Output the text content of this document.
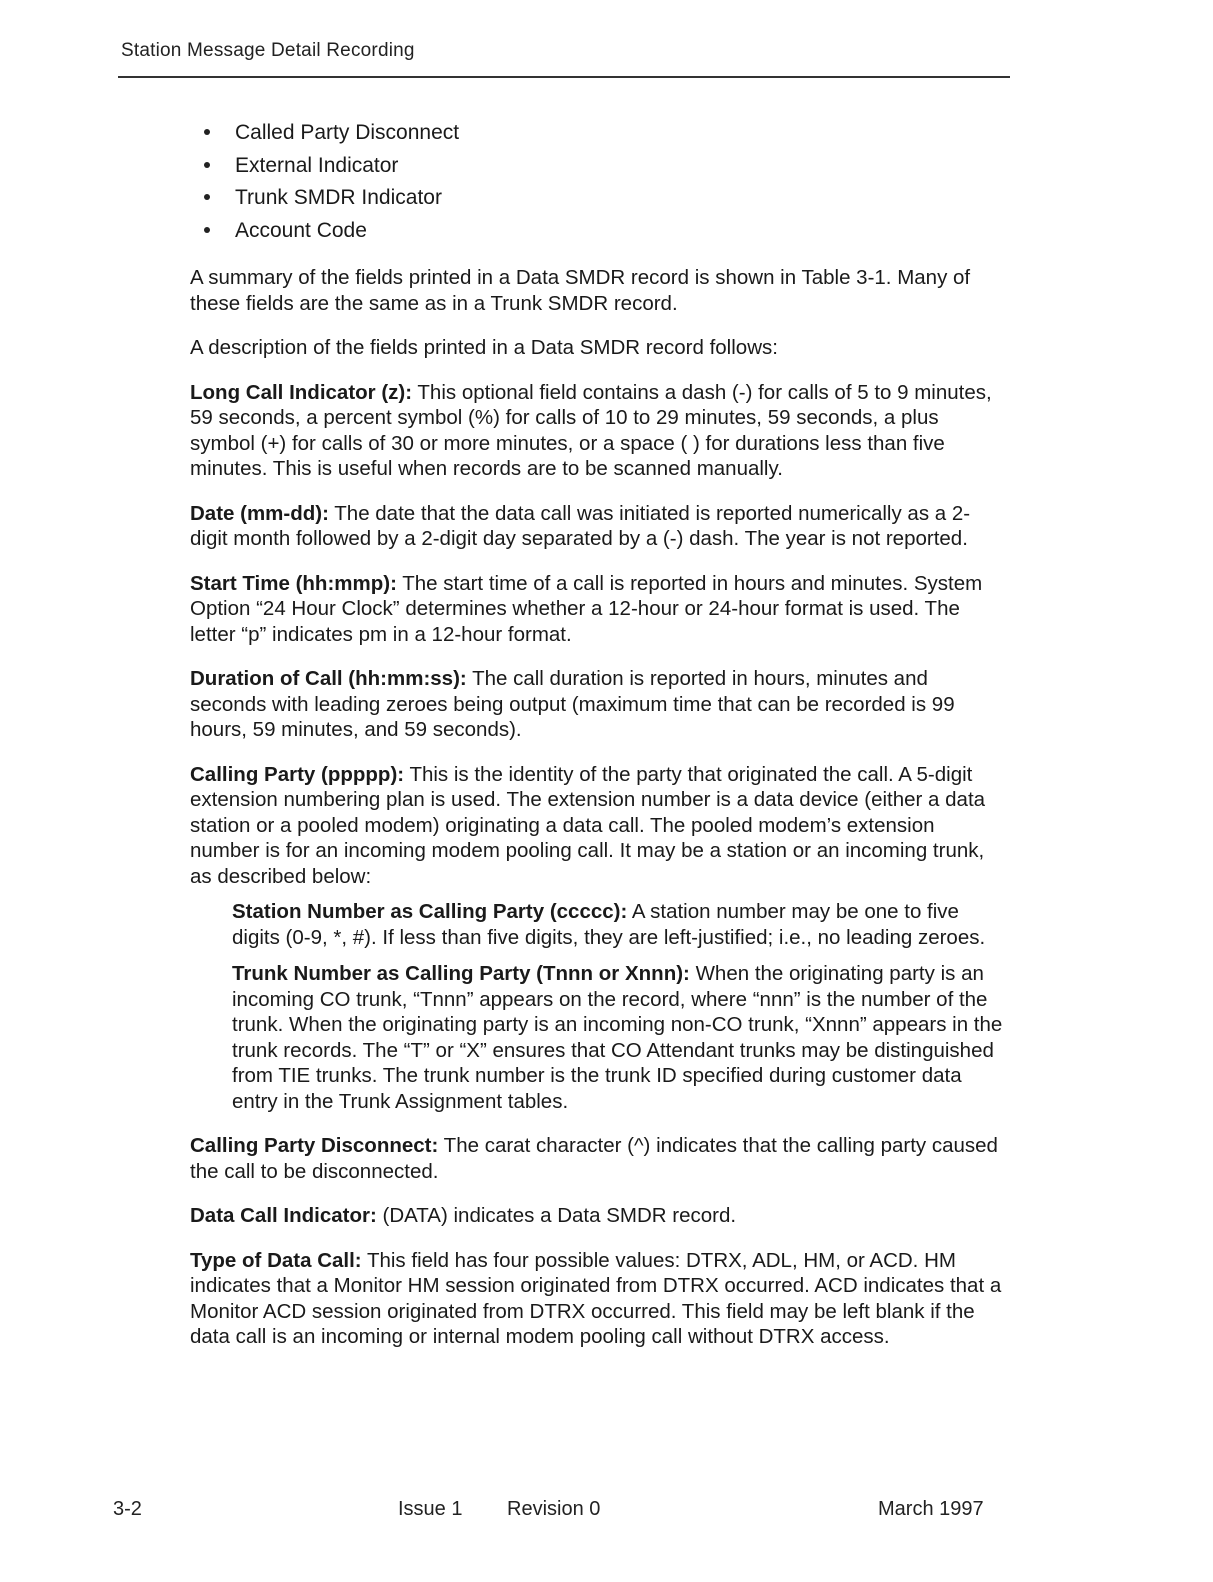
Station Message Detail Recording
Called Party Disconnect
External Indicator
Trunk SMDR Indicator
Account Code

A summary of the fields printed in a Data SMDR record is shown in Table 3-1. Many of these fields are the same as in a Trunk SMDR record.

A description of the fields printed in a Data SMDR record follows:

Long Call Indicator (z): This optional field contains a dash (-) for calls of 5 to 9 minutes, 59 seconds, a percent symbol (%) for calls of 10 to 29 minutes, 59 seconds, a plus symbol (+) for calls of 30 or more minutes, or a space ( ) for durations less than five minutes. This is useful when records are to be scanned manually.

Date (mm-dd): The date that the data call was initiated is reported numerically as a 2-digit month followed by a 2-digit day separated by a (-) dash. The year is not reported.

Start Time (hh:mmp): The start time of a call is reported in hours and minutes. System Option “24 Hour Clock” determines whether a 12-hour or 24-hour format is used. The letter “p” indicates pm in a 12-hour format.

Duration of Call (hh:mm:ss): The call duration is reported in hours, minutes and seconds with leading zeroes being output (maximum time that can be recorded is 99 hours, 59 minutes, and 59 seconds).

Calling Party (ppppp): This is the identity of the party that originated the call. A 5-digit extension numbering plan is used. The extension number is a data device (either a data station or a pooled modem) originating a data call. The pooled modem’s extension number is for an incoming modem pooling call. It may be a station or an incoming trunk, as described below:

Station Number as Calling Party (ccccc): A station number may be one to five digits (0-9, *, #). If less than five digits, they are left-justified; i.e., no leading zeroes.

Trunk Number as Calling Party (Tnnn or Xnnn): When the originating party is an incoming CO trunk, “Tnnn” appears on the record, where “nnn” is the number of the trunk. When the originating party is an incoming non-CO trunk, “Xnnn” appears in the trunk records. The “T” or “X” ensures that CO Attendant trunks may be distinguished from TIE trunks. The trunk number is the trunk ID specified during customer data entry in the Trunk Assignment tables.

Calling Party Disconnect: The carat character (^) indicates that the calling party caused the call to be disconnected.

Data Call Indicator: (DATA) indicates a Data SMDR record.

Type of Data Call: This field has four possible values: DTRX, ADL, HM, or ACD. HM indicates that a Monitor HM session originated from DTRX occurred. ACD indicates that a Monitor ACD session originated from DTRX occurred. This field may be left blank if the data call is an incoming or internal modem pooling call without DTRX access.

3-2	Issue 1 Revision 0	March 1997
